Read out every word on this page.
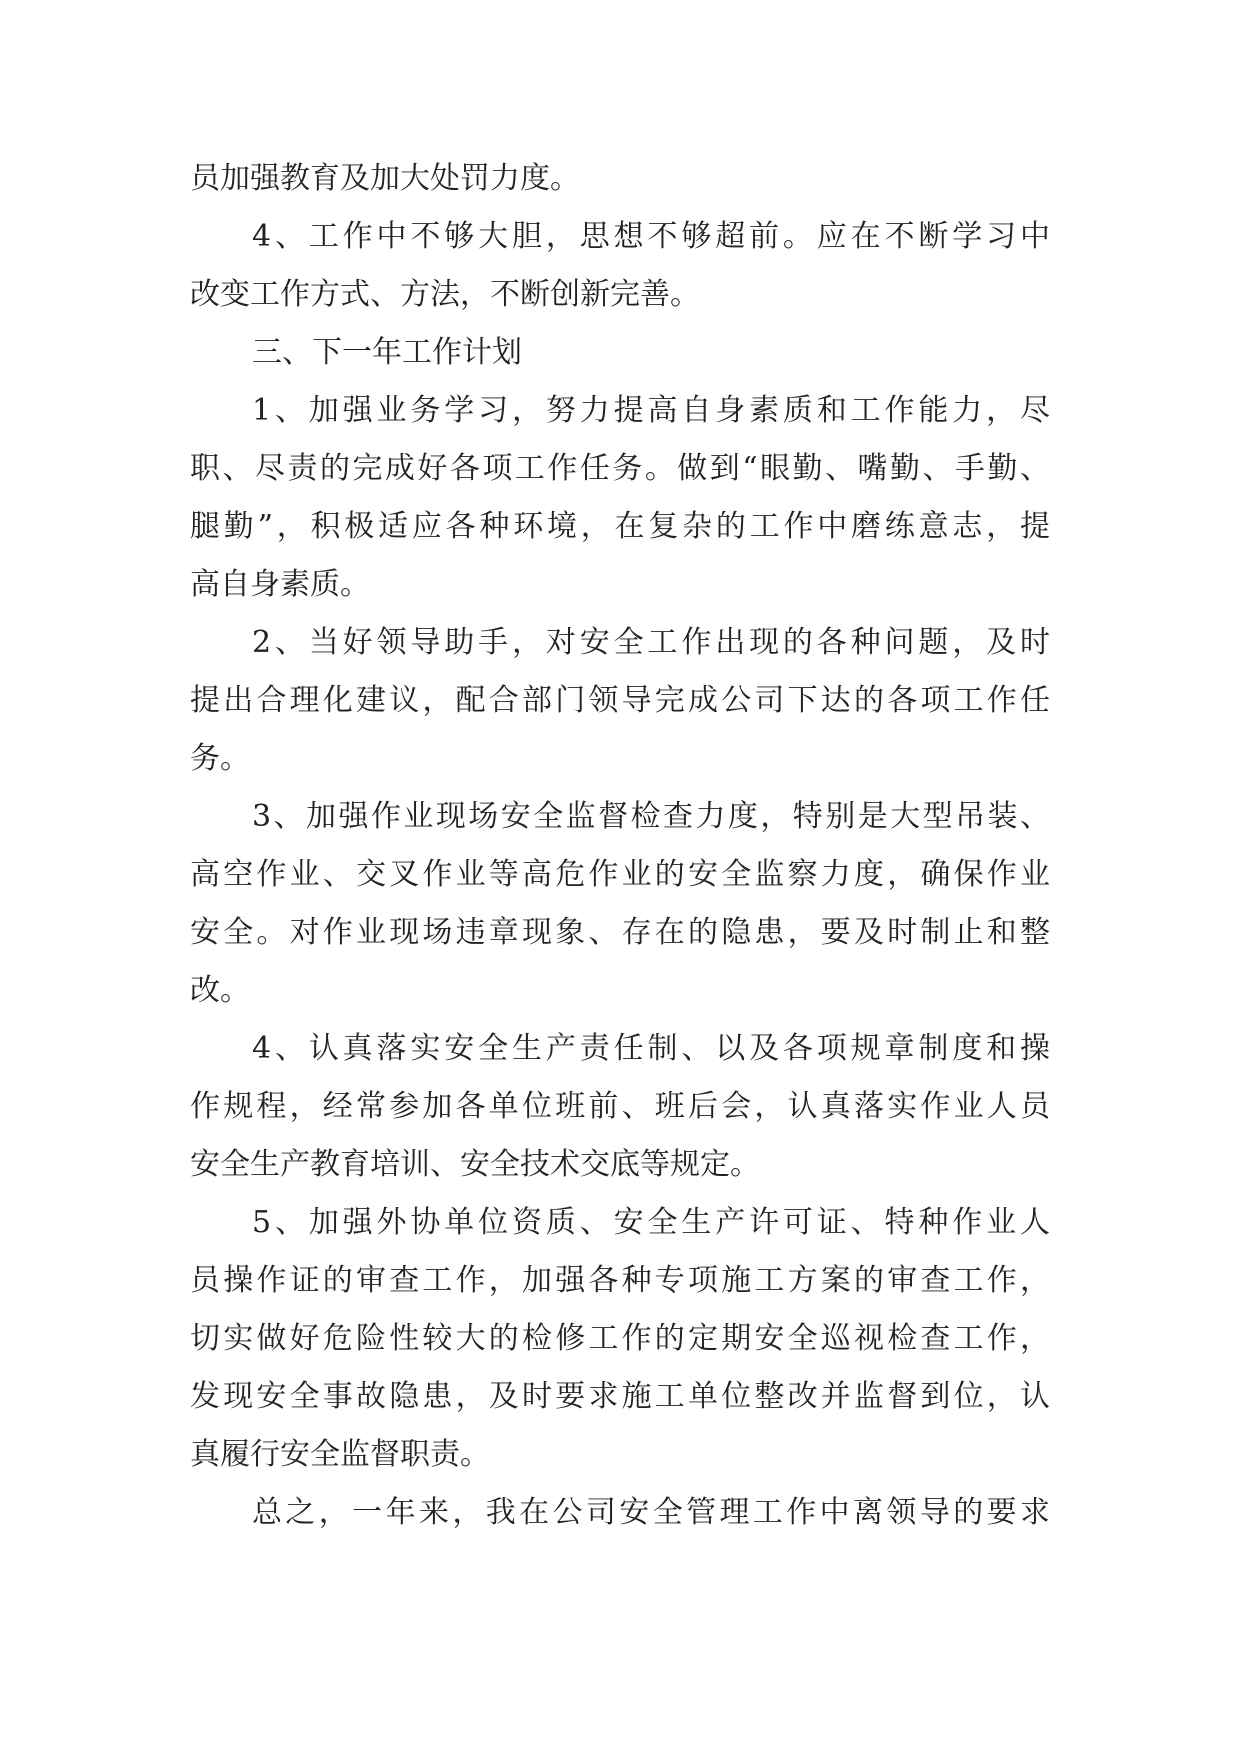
员加强教育及加大处罚力度。
4、工作中不够大胆，思想不够超前。应在不断学习中
改变工作方式、方法，不断创新完善。
三、下一年工作计划
1、加强业务学习，努力提高自身素质和工作能力，尽
职、尽责的完成好各项工作任务。做到“眼勤、嘴勤、手勤、
腿勤”，积极适应各种环境，在复杂的工作中磨练意志，提
高自身素质。
2、当好领导助手，对安全工作出现的各种问题，及时
提出合理化建议，配合部门领导完成公司下达的各项工作任
务。
3、加强作业现场安全监督检查力度，特别是大型吊装、
高空作业、交叉作业等高危作业的安全监察力度，确保作业
安全。对作业现场违章现象、存在的隐患，要及时制止和整
改。
4、认真落实安全生产责任制、以及各项规章制度和操
作规程，经常参加各单位班前、班后会，认真落实作业人员
安全生产教育培训、安全技术交底等规定。
5、加强外协单位资质、安全生产许可证、特种作业人
员操作证的审查工作，加强各种专项施工方案的审查工作，
切实做好危险性较大的检修工作的定期安全巡视检查工作，
发现安全事故隐患，及时要求施工单位整改并监督到位，认
真履行安全监督职责。
总之，一年来，我在公司安全管理工作中离领导的要求
